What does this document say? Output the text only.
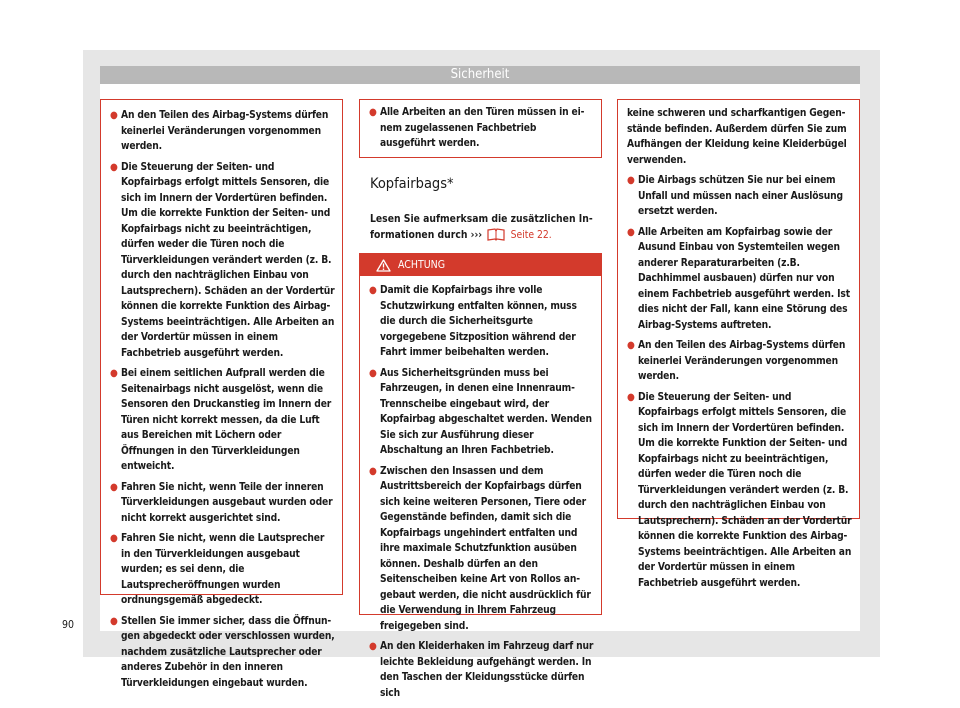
Sicherheit
● An den Teilen des Airbag-Systems dürfen keinerlei Veränderungen vorgenommen werden.
● Die Steuerung der Seiten- und Kopfairbags erfolgt mittels Sensoren, die sich im Innern der Vordertüren befinden. Um die korrekte Funktion der Seiten- und Kopfairbags nicht zu beeinträchtigen, dürfen weder die Türen noch die Türverkleidungen verändert werden (z. B. durch den nachträglichen Einbau von Lautsprechern). Schäden an der Vordertür können die korrekte Funktion des Airbag-Systems beeinträchtigen. Alle Arbeiten an der Vordertür müssen in einem Fachbetrieb ausgeführt werden.
● Bei einem seitlichen Aufprall werden die Seitenairbags nicht ausgelöst, wenn die Sensoren den Druckanstieg im Innern der Türen nicht korrekt messen, da die Luft aus Bereichen mit Löchern oder Öffnungen in den Türverkleidungen entweicht.
● Fahren Sie nicht, wenn Teile der inneren Türverkleidungen ausgebaut wurden oder nicht korrekt ausgerichtet sind.
● Fahren Sie nicht, wenn die Lautsprecher in den Türverkleidungen ausgebaut wurden; es sei denn, die Lautsprecheröffnungen wurden ordnungsgemäß abgedeckt.
● Stellen Sie immer sicher, dass die Öffnungen abgedeckt oder verschlossen wurden, nachdem zusätzliche Lautsprecher oder anderes Zubehör in den inneren Türverkleidungen eingebaut wurden.
● Alle Arbeiten an den Türen müssen in einem zugelassenen Fachbetrieb ausgeführt werden.
Kopfairbags*
Lesen Sie aufmerksam die zusätzlichen Informationen durch ›››	Seite 22.
ACHTUNG
● Damit die Kopfairbags ihre volle Schutzwirkung entfalten können, muss die durch die Sicherheitsgurte vorgegebene Sitzposition während der Fahrt immer beibehalten werden.
● Aus Sicherheitsgründen muss bei Fahrzeugen, in denen eine Innenraum-Trennscheibe eingebaut wird, der Kopfairbag abgeschaltet werden. Wenden Sie sich zur Ausführung dieser Abschaltung an Ihren Fachbetrieb.
● Zwischen den Insassen und dem Austrittsbereich der Kopfairbags dürfen sich keine weiteren Personen, Tiere oder Gegenstände befinden, damit sich die Kopfairbags ungehindert entfalten und ihre maximale Schutzfunktion ausüben können. Deshalb dürfen an den Seitenscheiben keine Art von Rollos angebaut werden, die nicht ausdrücklich für die Verwendung in Ihrem Fahrzeug freigegeben sind.
● An den Kleiderhaken im Fahrzeug darf nur leichte Bekleidung aufgehängt werden. In den Taschen der Kleidungsstücke dürfen sich

keine schweren und scharfkantigen Gegenstände befinden. Außerdem dürfen Sie zum Aufhängen der Kleidung keine Kleiderbügel verwenden.

● Die Airbags schützen Sie nur bei einem Unfall und müssen nach einer Auslösung ersetzt werden.
● Alle Arbeiten am Kopfairbag sowie der Ausund Einbau von Systemteilen wegen anderer Reparaturarbeiten (z.B. Dachhimmel ausbauen) dürfen nur von einem Fachbetrieb ausgeführt werden. Ist dies nicht der Fall, kann eine Störung des Airbag-Systems auftreten.
● An den Teilen des Airbag-Systems dürfen keinerlei Veränderungen vorgenommen werden.
● Die Steuerung der Seiten- und Kopfairbags erfolgt mittels Sensoren, die sich im Innern der Vordertüren befinden. Um die korrekte Funktion der Seiten- und Kopfairbags nicht zu beeinträchtigen, dürfen weder die Türen noch die Türverkleidungen verändert werden (z. B. durch den nachträglichen Einbau von Lautsprechern). Schäden an der Vordertür können die korrekte Funktion des Airbag-Systems beeinträchtigen. Alle Arbeiten an der Vordertür müssen in einem Fachbetrieb ausgeführt werden.
90
